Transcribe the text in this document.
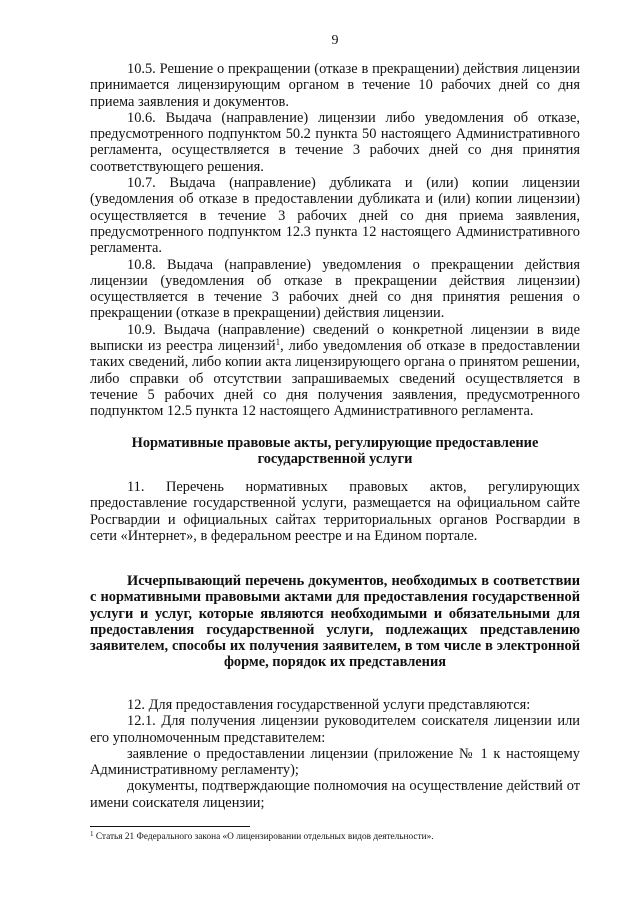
9

10.5. Решение о прекращении (отказе в прекращении) действия лицензии принимается лицензирующим органом в течение 10 рабочих дней со дня приема заявления и документов.

10.6. Выдача (направление) лицензии либо уведомления об отказе, предусмотренного подпунктом 50.2 пункта 50 настоящего Административного регламента, осуществляется в течение 3 рабочих дней со дня принятия соответствующего решения.

10.7. Выдача (направление) дубликата и (или) копии лицензии (уведомления об отказе в предоставлении дубликата и (или) копии лицензии) осуществляется в течение 3 рабочих дней со дня приема заявления, предусмотренного подпунктом 12.3 пункта 12 настоящего Административного регламента.

10.8. Выдача (направление) уведомления о прекращении действия лицензии (уведомления об отказе в прекращении действия лицензии) осуществляется в течение 3 рабочих дней со дня принятия решения о прекращении (отказе в прекращении) действия лицензии.

10.9. Выдача (направление) сведений о конкретной лицензии в виде выписки из реестра лицензий$^1$, либо уведомления об отказе в предоставлении таких сведений, либо копии акта лицензирующего органа о принятом решении, либо справки об отсутствии запрашиваемых сведений осуществляется в течение 5 рабочих дней со дня получения заявления, предусмотренного подпунктом 12.5 пункта 12 настоящего Административного регламента.

Нормативные правовые акты, регулирующие предоставление государственной услуги

11. Перечень нормативных правовых актов, регулирующих предоставление государственной услуги, размещается на официальном сайте Росгвардии и официальных сайтах территориальных органов Росгвардии в сети «Интернет», в федеральном реестре и на Едином портале.

Исчерпывающий перечень документов, необходимых в соответствии с нормативными правовыми актами для предоставления государственной услуги и услуг, которые являются необходимыми и обязательными для предоставления государственной услуги, подлежащих представлению заявителем, способы их получения заявителем, в том числе в электронной форме, порядок их представления

12. Для предоставления государственной услуги представляются:

12.1. Для получения лицензии руководителем соискателя лицензии или его уполномоченным представителем:

заявление о предоставлении лицензии (приложение № 1 к настоящему Административному регламенту);

документы, подтверждающие полномочия на осуществление действий от имени соискателя лицензии;

$^1$ Статья 21 Федерального закона «О лицензировании отдельных видов деятельности».
